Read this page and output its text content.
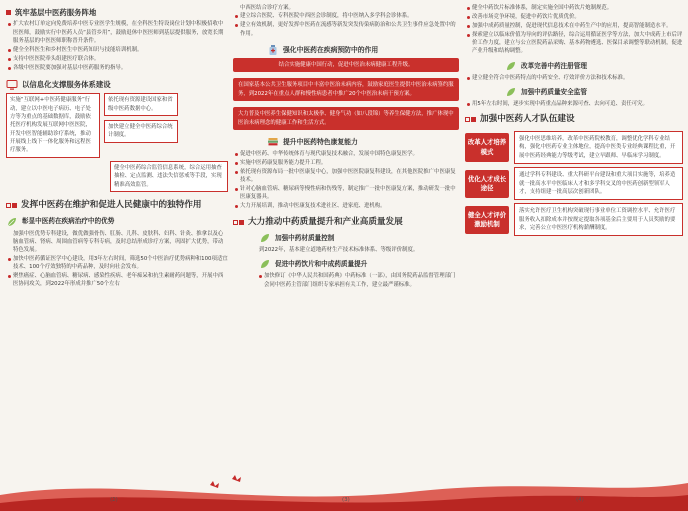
筑牢基层中医药服务阵地
扩大农村订单定向免费培养中医专业医学生规模，在全科医生特设岗位计划中积极招收中医医师，鼓励实行中医药人员“县管乡用”，鼓励退休中医医师到基层提供服务，放宽长期服务基层的中医医师职称晋升条件。
健全全科医生和乡村医生中医药知识与技能培训机制。
支持中医医院牵头组建医疗联合体。
各级中医医院要加强对基层中医药服务的指导。
以信息化支撑服务体系建设
实施“互联网+中医药健康服务”行动，建立以中医电子病历、电子处方等为重点的基础数据库，鼓励依托医疗机构发展互联网中医医院，开发中医智能辅助诊疗系统，推动开展线上线下一体化服务和远程医疗服务。
依托现有资源建设国家和省级中医药数据中心。
加快建立健全中医药综合统计制度。
健全中医药综合监管信息系统，综合运用抽查抽检、定点监测、违法失信惩戒等手段，实现精准高效监管。
发挥中医药在维护和促进人民健康中的独特作用
彰显中医药在疾病治疗中的优势
加强中医优势专科建设，做优做强骨伤、肛肠、儿科、皮肤科、妇科、针灸、推拿以及心脑血管病、肾病、周围血管病等专科专病，及时总结形成诊疗方案，巩固扩大优势，带动特色发展。
加快中医药循证医学中心建设，用3年左右时间，筛选50个中医治疗优势病种和100项适宜技术、100个疗效独特的中药品种，及时向社会发布。
聚焦癌症、心脑血管病、糖尿病、感染性疾病、老年痴呆和抗生素耐药问题等，开展中西医协同攻关，到2022年形成并推广50个左右
中西医结合诊疗方案。
建立综合医院、专科医院中西医会诊制度，将中医纳入多学科会诊体系。
建立有效机制，更好发挥中医药在流感等新发突发传染病防治和公共卫生事件应急处置中的作用。
强化中医药在疾病预防中的作用
结合实施健康中国行动，促进中医治未病健康工程升级。
在国家基本公共卫生服务项目中丰富中医治未病内容，鼓励家庭医生提供中医治未病签约服务，到2022年在重点人群和慢性病患者中推广20个中医治未病干预方案。
大力普及中医养生保健知识和太极拳、健身气功（如八段锦）等养生保健方法，推广体现中医治未病理念的健康工作和生活方式。
提升中医药特色康复能力
促进中医药、中华传统体育与现代康复技术融合，发展中国特色康复医学。
实施中医药康复服务能力提升工程。
依托现有资源布局一批中医康复中心，加强中医医院康复科建设，在其他医院推广中医康复技术。
针对心脑血管病、糖尿病等慢性病和伤残等，制定推广一批中医康复方案，推动研发一批中医康复器具。
大力开展培训，推动中医康复技术进社区、进家庭、进机构。
大力推动中药质量提升和产业高质量发展
加强中药材质量控制
到2022年，基本建立道地药材生产技术标准体系、等级评价制度。
促进中药饮片和中成药质量提升
加快修订《中华人民共和国药典》中药标准（一部），由国务院药品监督管理部门会同中医药主管部门组织专家承担有关工作，建立最严谨标准。
健全中药饮片标准体系，制定实施全国中药饮片炮制规范。
改善市场竞争环境，促进中药饮片优质优价。
加强中成药质量控制，促进现代信息技术在中药生产中的应用，提高智能制造水平。
探索建立以临床价值为导向的评估路径，综合运用循证医学等方法，加大中成药上市后评价工作力度，建立与公立医院药品采购、基本药物遴选、医保目录调整等联动机制，促进产业升级和结构调整。
改革完善中药注册管理
建立健全符合中医药特点的中药安全、疗效评价方法和技术标准。
加强中药质量安全监管
用5年左右时间，逐步实现中药重点品种来源可查、去向可追、责任可究。
加强中医药人才队伍建设
改革人才培养模式
强化中医思维培养，改革中医药院校教育，调整优化学科专业结构，强化中医药专业主体地位，提高中医类专业经典课程比重，开展中医药经典能力等级考试，建立早跟师、早临床学习制度。
优化人才成长途径
通过学科专科建设、重大科研平台建设和重大项目实施等，培养造就一批高水平中医临床人才和多学科交叉的中医药创新型领军人才，支持组建一批高层次创新团队。
健全人才评价激励机制
落实允许医疗卫生机构突破现行事业单位工资调控水平、允许医疗服务收入扣除成本并按规定提取各项基金后主要用于人员奖励的要求，完善公立中医医疗机构薪酬制度。
(2)	(3)	(4)
